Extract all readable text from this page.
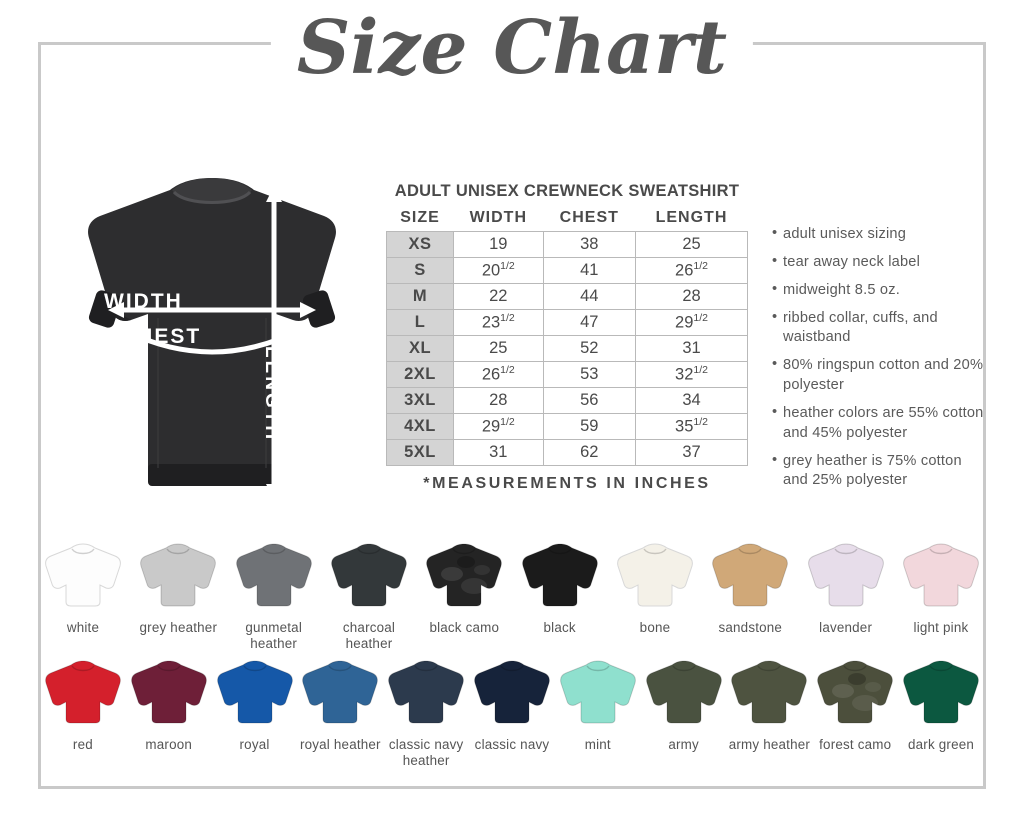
Size Chart
WIDTH
CHEST
LENGTH
ADULT UNISEX CREWNECK SWEATSHIRT
SIZE	WIDTH	CHEST	LENGTH
XS	19	38	25
S	$20^{1/2}$	41	$26^{1/2}$
M	22	44	28
L	$23^{1/2}$	47	$29^{1/2}$
XL	25	52	31
2XL	$26^{1/2}$	53	$32^{1/2}$
3XL	28	56	34
4XL	$29^{1/2}$	59	$35^{1/2}$
5XL	31	62	37
*MEASUREMENTS IN INCHES
• adult unisex sizing
• tear away neck label
• midweight 8.5 oz.
• ribbed collar, cuffs, and waistband
• 80% ringspun cotton and 20% polyester
• heather colors are 55% cotton and 45% polyester
• grey heather is 75% cotton and 25% polyester
white	grey heather	gunmetal heather
charcoal heather
black camo	black	bone	sandstone	lavender	light pink
red	maroon	royal	royal heather classic navy heather
classic navy	mint	army	army heather forest camo	dark green
